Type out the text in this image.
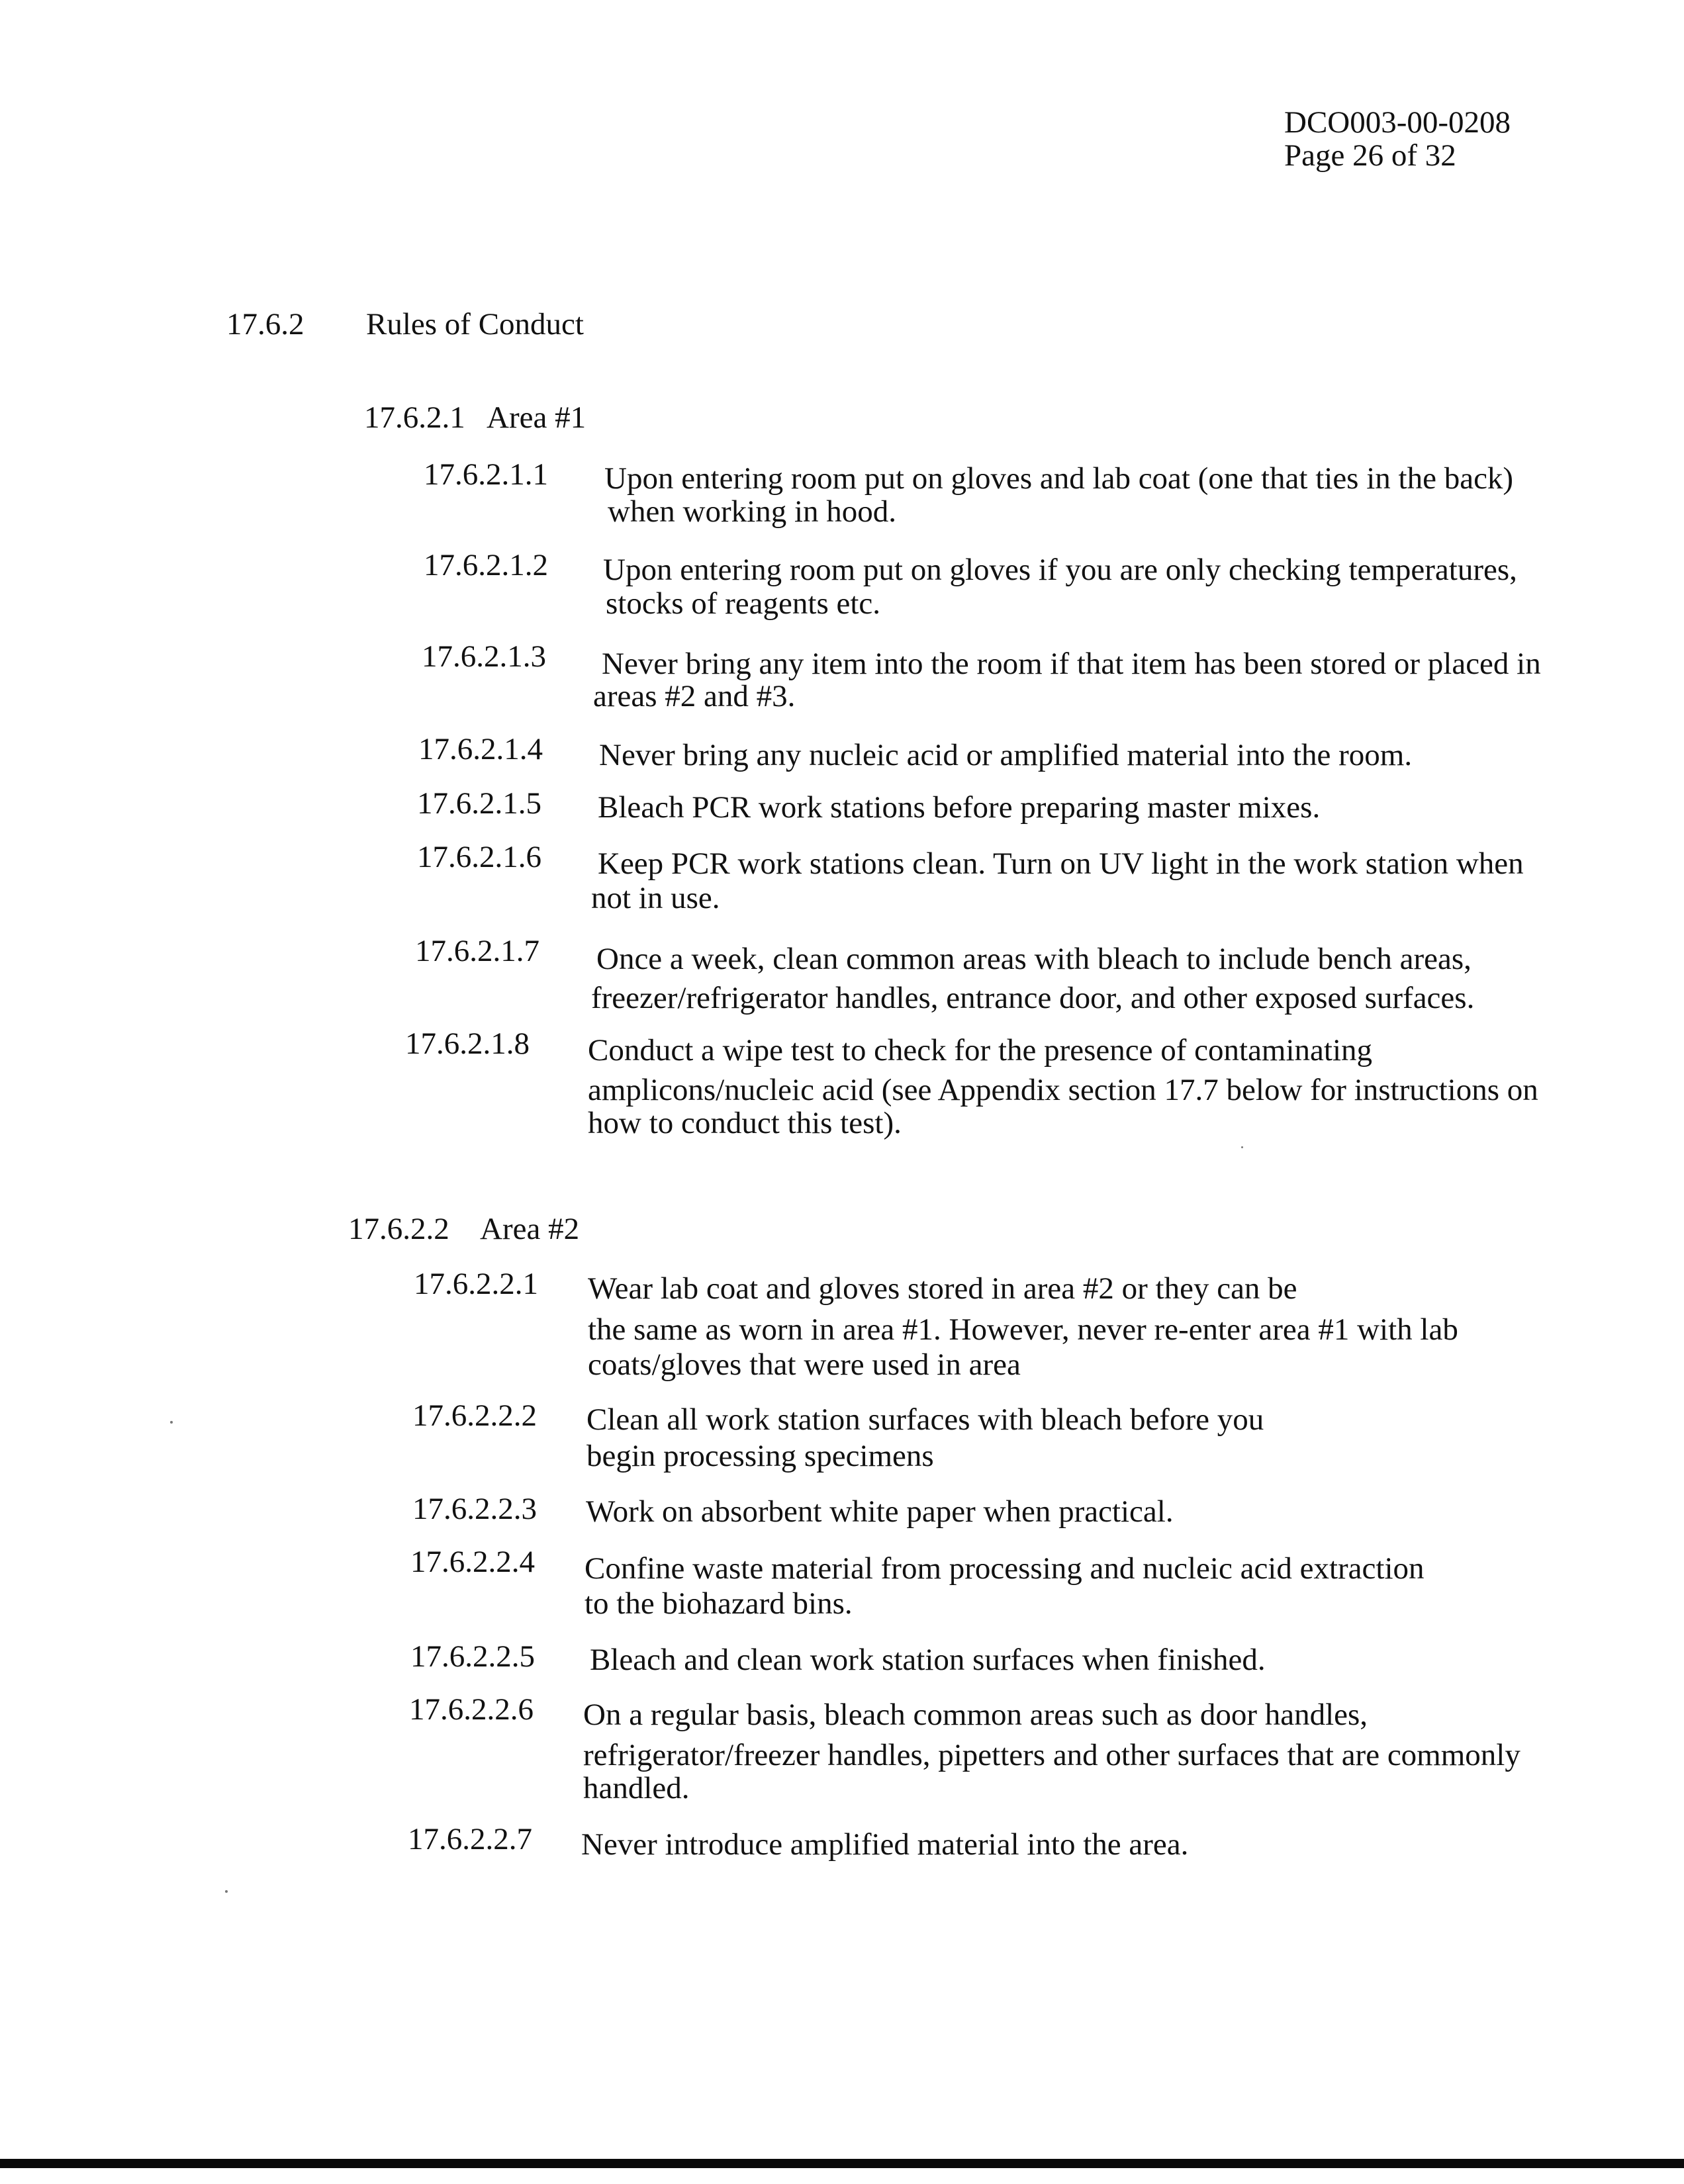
DCO003-00-0208
Page 26 of 32
17.6.2 Rules of Conduct
17.6.2.1 Area #1
17.6.2.1.1 Upon entering room put on gloves and lab coat (one that ties in the back)
when working in hood.
17.6.2.1.2 Upon entering room put on gloves if you are only checking temperatures,
stocks of reagents etc.
17.6.2.1.3 Never bring any item into the room if that item has been stored or placed in
areas #2 and #3.
17.6.2.1.4 Never bring any nucleic acid or amplified material into the room.
17.6.2.1.5 Bleach PCR work stations before preparing master mixes.
17.6.2.1.6 Keep PCR work stations clean. Turn on UV light in the work station when
not in use.
17.6.2.1.7 Once a week, clean common areas with bleach to include bench areas,
freezer/refrigerator handles, entrance door, and other exposed surfaces.
17.6.2.1.8 Conduct a wipe test to check for the presence of contaminating
amplicons/nucleic acid (see Appendix section 17.7 below for instructions on
how to conduct this test).
17.6.2.2 Area #2
17.6.2.2.1 Wear lab coat and gloves stored in area #2 or they can be
the same as worn in area #1. However, never re-enter area #1 with lab
coats/gloves that were used in area
17.6.2.2.2 Clean all work station surfaces with bleach before you
begin processing specimens
17.6.2.2.3 Work on absorbent white paper when practical.
17.6.2.2.4 Confine waste material from processing and nucleic acid extraction
to the biohazard bins.
17.6.2.2.5 Bleach and clean work station surfaces when finished.
17.6.2.2.6 On a regular basis, bleach common areas such as door handles,
refrigerator/freezer handles, pipetters and other surfaces that are commonly
handled.
17.6.2.2.7 Never introduce amplified material into the area.
